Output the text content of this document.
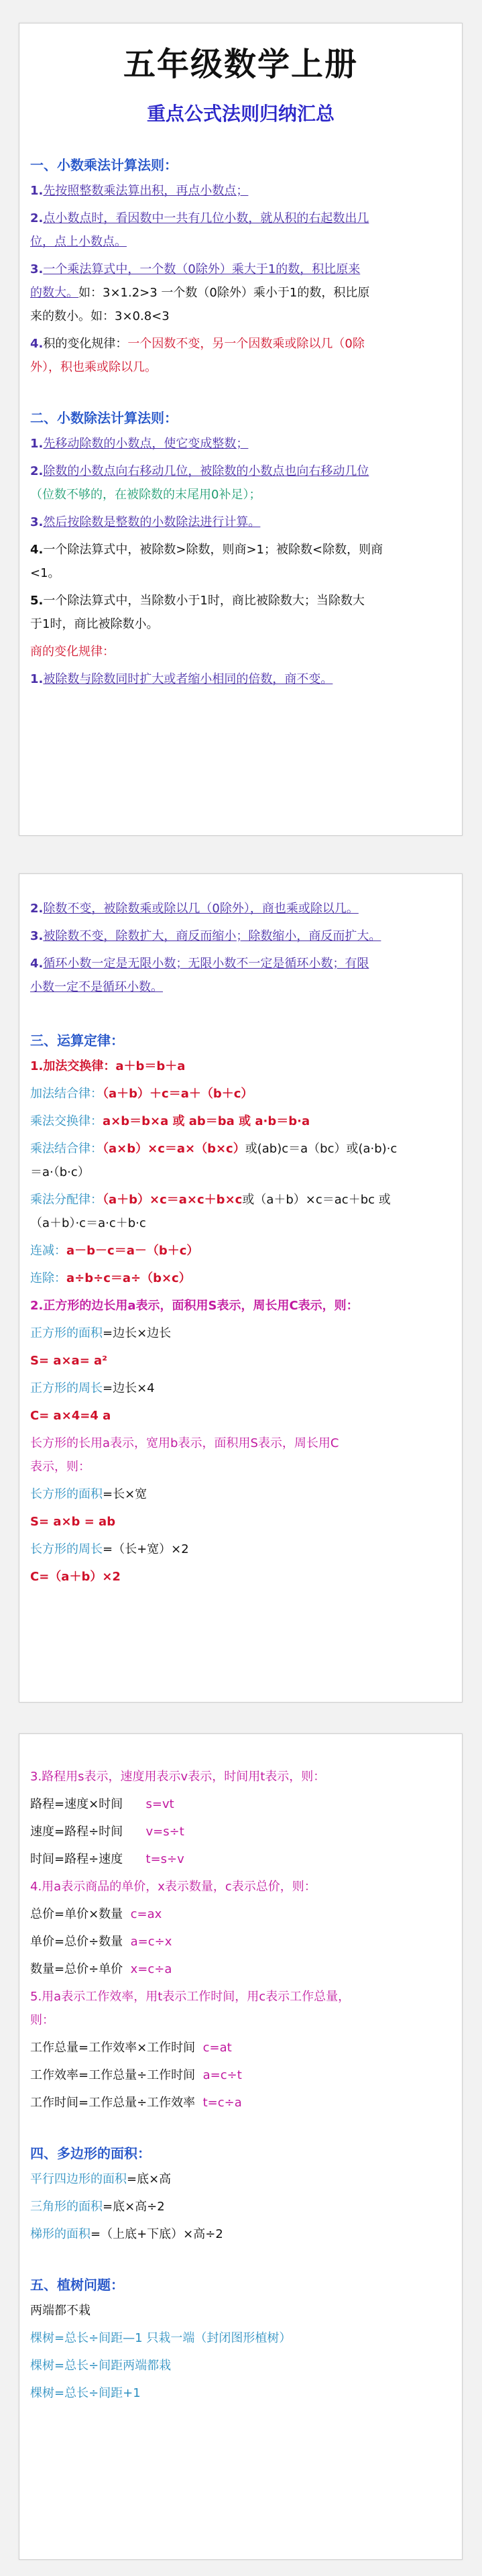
五年级数学上册
重点公式法则归纳汇总
一、小数乘法计算法则：
1.先按照整数乘法算出积，再点小数点；
2.点小数点时，看因数中一共有几位小数，就从积的右起数出几
位，点上小数点。
3.一个乘法算式中，一个数（0除外）乘大于1的数，积比原来
的数大。如：3×1.2>3 一个数（0除外）乘小于1的数，积比原
来的数小。如：3×0.8<3
4.积的变化规律：一个因数不变，另一个因数乘或除以几（0除
外），积也乘或除以几。
二、小数除法计算法则：
1.先移动除数的小数点，使它变成整数；
2.除数的小数点向右移动几位，被除数的小数点也向右移动几位
（位数不够的，在被除数的末尾用0补足）；
3.然后按除数是整数的小数除法进行计算。
4.一个除法算式中，被除数>除数，则商>1；被除数<除数，则商
<1。
5.一个除法算式中，当除数小于1时，商比被除数大；当除数大
于1时，商比被除数小。
商的变化规律：
1.被除数与除数同时扩大或者缩小相同的倍数，商不变。
2.除数不变，被除数乘或除以几（0除外），商也乘或除以几。
3.被除数不变，除数扩大，商反而缩小；除数缩小，商反而扩大。
4.循环小数一定是无限小数；无限小数不一定是循环小数；有限
小数一定不是循环小数。
三、运算定律：
1.加法交换律：a＋b＝b＋a
加法结合律：（a＋b）＋c＝a＋（b＋c）
乘法交换律：a×b＝b×a 或 ab＝ba 或 a·b＝b·a
乘法结合律：（a×b）×c＝a×（b×c）或(ab)c＝a（bc）或(a·b)·c
＝a·（b·c）
乘法分配律：（a＋b）×c＝a×c＋b×c或（a＋b）×c＝ac＋bc 或
（a＋b）·c＝a·c＋b·c
连减：a－b－c＝a－（b＋c）
连除：a÷b÷c＝a÷（b×c）
2.正方形的边长用a表示，面积用S表示，周长用C表示，则：
正方形的面积=边长×边长
S= a×a= a²
正方形的周长=边长×4
C= a×4=4 a
长方形的长用a表示，宽用b表示，面积用S表示，周长用C
表示，则：
长方形的面积=长×宽
S= a×b = ab
长方形的周长=（长+宽）×2
C=（a＋b）×2
3.路程用s表示，速度用表示v表示，时间用t表示，则：
路程=速度×时间 s=vt
速度=路程÷时间 v=s÷t
时间=路程÷速度 t=s÷v
4.用a表示商品的单价，x表示数量，c表示总价，则：
总价=单价×数量 c=ax
单价=总价÷数量 a=c÷x
数量=总价÷单价 x=c÷a
5.用a表示工作效率，用t表示工作时间，用c表示工作总量，
则：
工作总量=工作效率×工作时间 c=at
工作效率=工作总量÷工作时间 a=c÷t
工作时间=工作总量÷工作效率 t=c÷a
四、多边形的面积：
平行四边形的面积=底×高
三角形的面积=底×高÷2
梯形的面积=（上底+下底）×高÷2
五、植树问题：
两端都不栽
棵树=总长÷间距—1 只栽一端（封闭图形植树）
棵树=总长÷间距两端都栽
棵树=总长÷间距+1
